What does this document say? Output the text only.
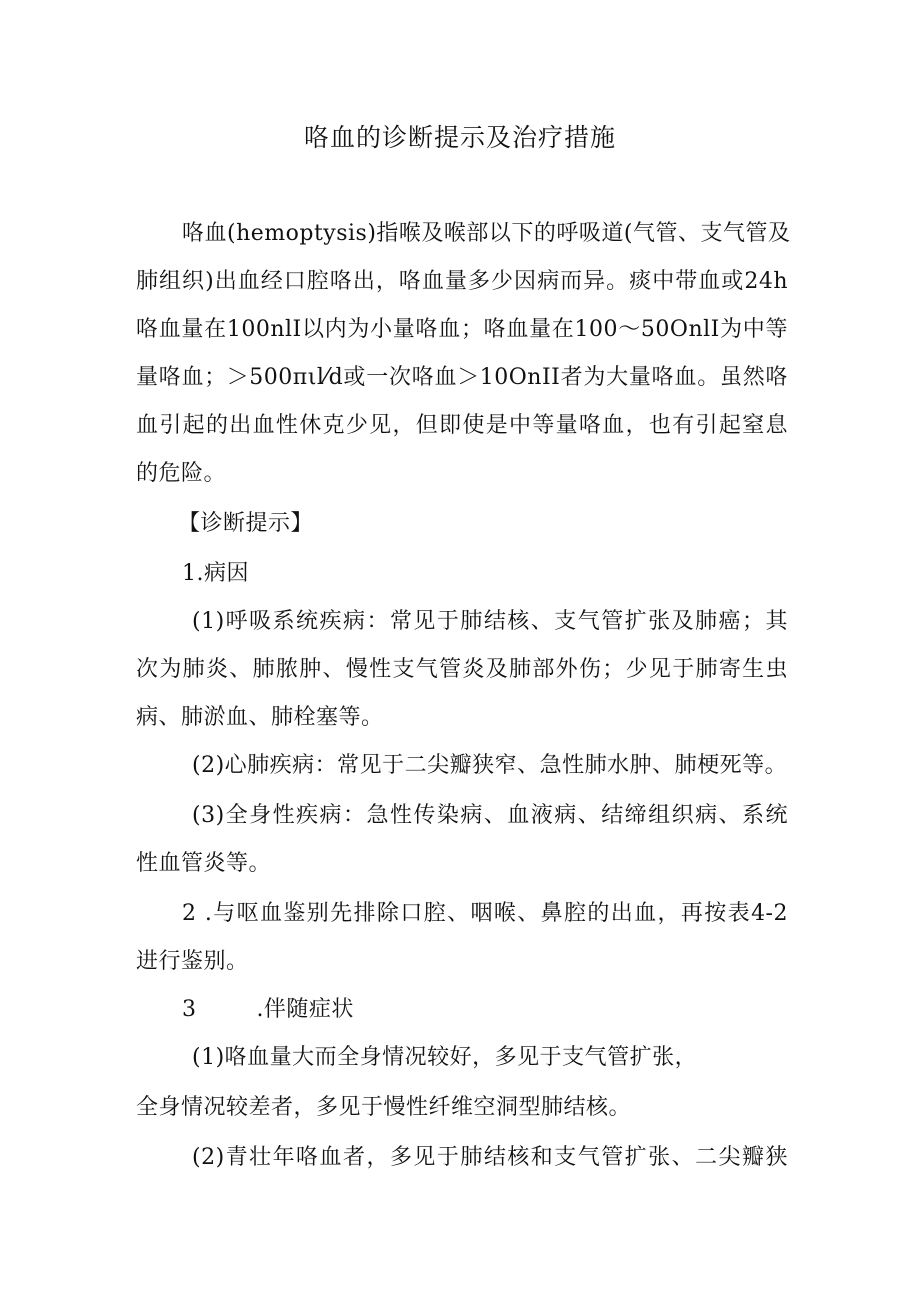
咯血的诊断提示及治疗措施
咯血(hemoptysis)指喉及喉部以下的呼吸道(气管、支气管及
肺组织)出血经口腔咯出，咯血量多少因病而异。痰中带血或24h
咯血量在100nlI以内为小量咯血；咯血量在100～50OnlI为中等
量咯血；＞500πιl⁄d或一次咯血＞10OnII者为大量咯血。虽然咯
血引起的出血性休克少见，但即使是中等量咯血，也有引起窒息
的危险。
【诊断提示】
1.病因
(1)呼吸系统疾病：常见于肺结核、支气管扩张及肺癌；其
次为肺炎、肺脓肿、慢性支气管炎及肺部外伤；少见于肺寄生虫
病、肺淤血、肺栓塞等。
(2)心肺疾病：常见于二尖瓣狭窄、急性肺水肿、肺梗死等。
(3)全身性疾病：急性传染病、血液病、结缔组织病、系统
性血管炎等。
2 .与呕血鉴别先排除口腔、咽喉、鼻腔的出血，再按表4-2
进行鉴别。
3        .伴随症状
(1)咯血量大而全身情况较好，多见于支气管扩张，
全身情况较差者，多见于慢性纤维空洞型肺结核。
(2)青壮年咯血者，多见于肺结核和支气管扩张、二尖瓣狭
